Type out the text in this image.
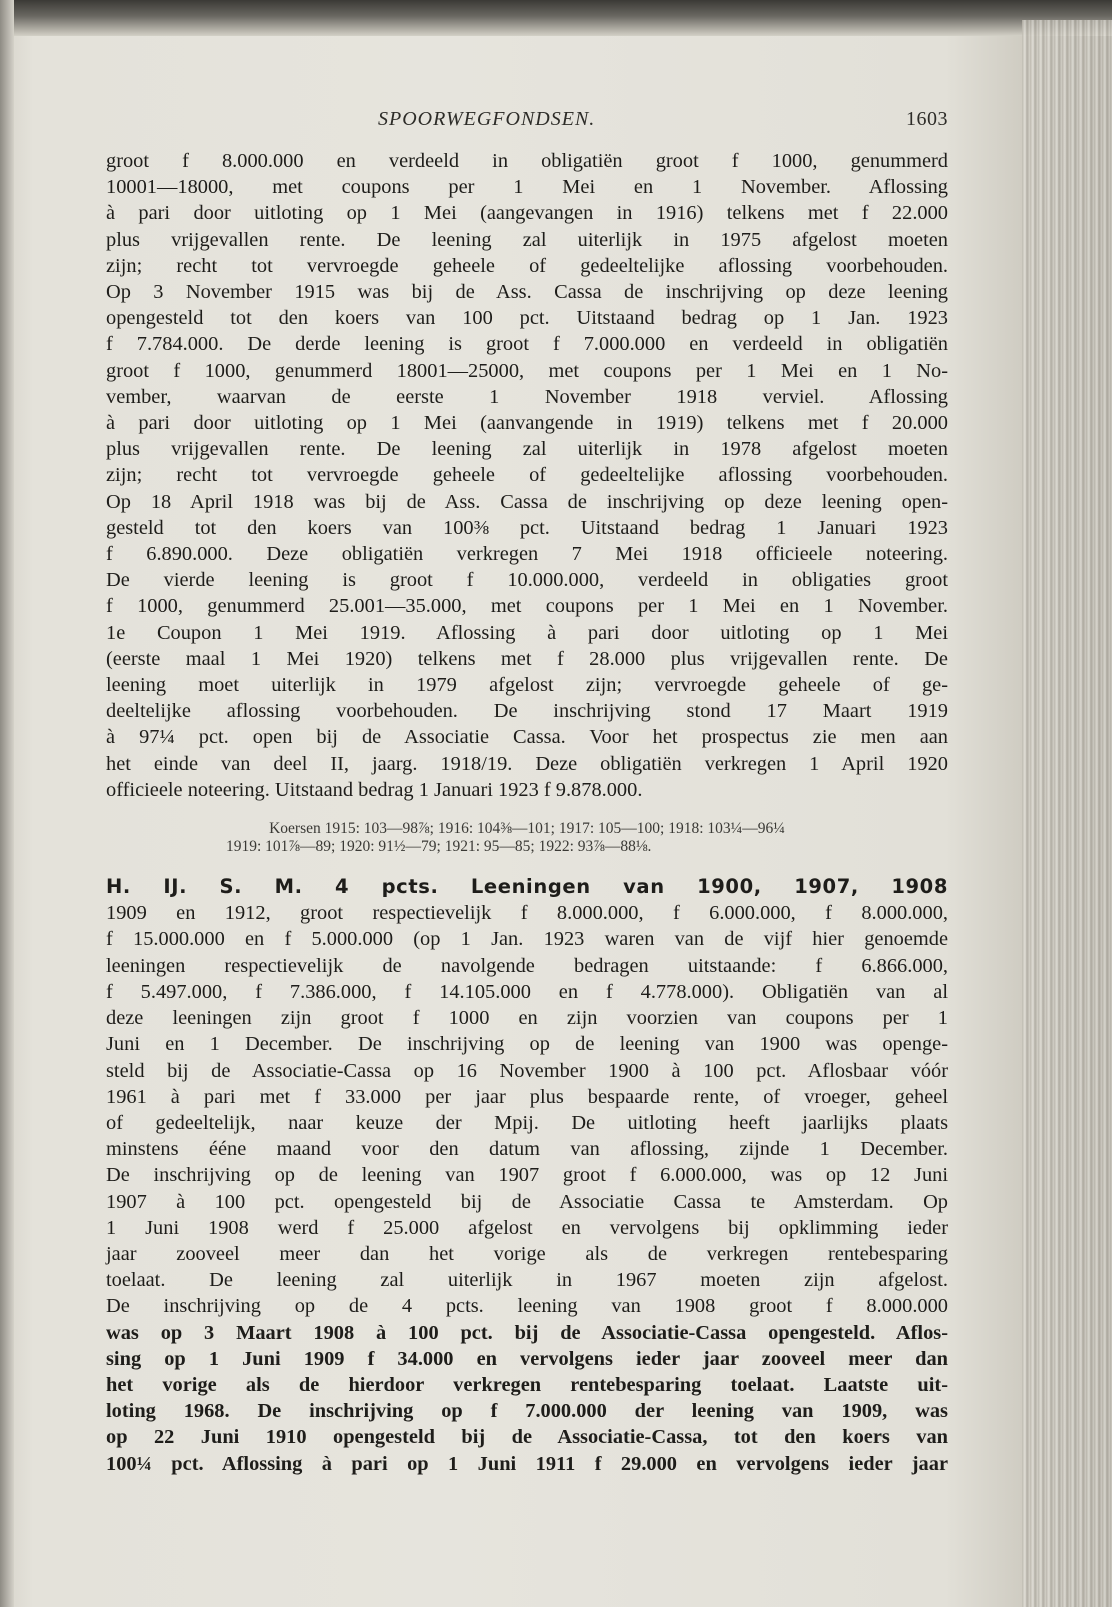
SPOORWEGFONDSEN.	1603

groot f 8.000.000 en verdeeld in obligatiën groot f 1000, genummerd

10001—18000, met coupons per 1 Mei en 1 November. Aflossing

à pari door uitloting op 1 Mei (aangevangen in 1916) telkens met f 22.000

plus vrijgevallen rente. De leening zal uiterlijk in 1975 afgelost moeten

zijn; recht tot vervroegde geheele of gedeeltelijke aflossing voorbehouden.

Op 3 November 1915 was bij de Ass. Cassa de inschrijving op deze leening

opengesteld tot den koers van 100 pct. Uitstaand bedrag op 1 Jan. 1923

f 7.784.000. De derde leening is groot f 7.000.000 en verdeeld in obligatiën

groot f 1000, genummerd 18001—25000, met coupons per 1 Mei en 1 No-

vember, waarvan de eerste 1 November 1918 verviel. Aflossing

à pari door uitloting op 1 Mei (aanvangende in 1919) telkens met f 20.000

plus vrijgevallen rente. De leening zal uiterlijk in 1978 afgelost moeten

zijn; recht tot vervroegde geheele of gedeeltelijke aflossing voorbehouden.

Op 18 April 1918 was bij de Ass. Cassa de inschrijving op deze leening open-

gesteld tot den koers van 100⅜ pct. Uitstaand bedrag 1 Januari 1923

f 6.890.000. Deze obligatiën verkregen 7 Mei 1918 officieele noteering.

De vierde leening is groot f 10.000.000, verdeeld in obligaties groot

f 1000, genummerd 25.001—35.000, met coupons per 1 Mei en 1 November.

1e Coupon 1 Mei 1919. Aflossing à pari door uitloting op 1 Mei

(eerste maal 1 Mei 1920) telkens met f 28.000 plus vrijgevallen rente. De

leening moet uiterlijk in 1979 afgelost zijn; vervroegde geheele of ge-

deeltelijke aflossing voorbehouden. De inschrijving stond 17 Maart 1919

à 97¼ pct. open bij de Associatie Cassa. Voor het prospectus zie men aan

het einde van deel II, jaarg. 1918/19. Deze obligatiën verkregen 1 April 1920

officieele noteering. Uitstaand bedrag 1 Januari 1923 f 9.878.000.

Koersen 1915: 103—98⅞; 1916: 104⅜—101; 1917: 105—100; 1918: 103¼—96¼

1919: 101⅞—89; 1920: 91½—79; 1921: 95—85; 1922: 93⅞—88⅛.

H. IJ. S. M. 4 pcts. Leeningen van 1900, 1907, 1908

1909 en 1912, groot respectievelijk f 8.000.000, f 6.000.000, f 8.000.000,

f 15.000.000 en f 5.000.000 (op 1 Jan. 1923 waren van de vijf hier genoemde

leeningen respectievelijk de navolgende bedragen uitstaande: f 6.866.000,

f 5.497.000, f 7.386.000, f 14.105.000 en f 4.778.000). Obligatiën van al

deze leeningen zijn groot f 1000 en zijn voorzien van coupons per 1

Juni en 1 December. De inschrijving op de leening van 1900 was openge-

steld bij de Associatie-Cassa op 16 November 1900 à 100 pct. Aflosbaar vóór

1961 à pari met f 33.000 per jaar plus bespaarde rente, of vroeger, geheel

of gedeeltelijk, naar keuze der Mpij. De uitloting heeft jaarlijks plaats

minstens ééne maand voor den datum van aflossing, zijnde 1 December.

De inschrijving op de leening van 1907 groot f 6.000.000, was op 12 Juni

1907 à 100 pct. opengesteld bij de Associatie Cassa te Amsterdam. Op

1 Juni 1908 werd f 25.000 afgelost en vervolgens bij opklimming ieder

jaar zooveel meer dan het vorige als de verkregen rentebesparing

toelaat. De leening zal uiterlijk in 1967 moeten zijn afgelost.

De inschrijving op de 4 pcts. leening van 1908 groot f 8.000.000

was op 3 Maart 1908 à 100 pct. bij de Associatie-Cassa opengesteld. Aflos-

sing op 1 Juni 1909 f 34.000 en vervolgens ieder jaar zooveel meer dan

het vorige als de hierdoor verkregen rentebesparing toelaat. Laatste uit-

loting 1968. De inschrijving op f 7.000.000 der leening van 1909, was

op 22 Juni 1910 opengesteld bij de Associatie-Cassa, tot den koers van

100¼ pct. Aflossing à pari op 1 Juni 1911 f 29.000 en vervolgens ieder jaar
